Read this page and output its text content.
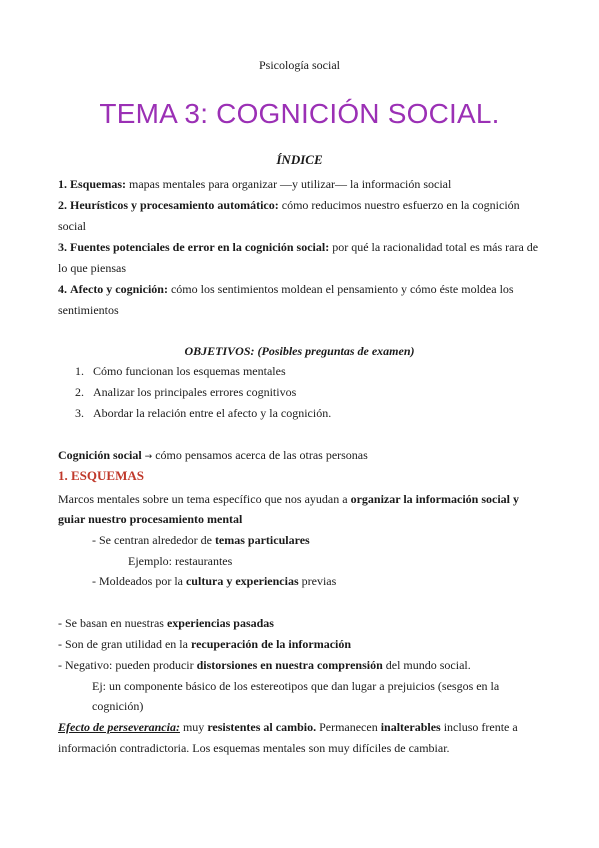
Psicología social
TEMA 3: COGNICIÓN SOCIAL.
ÍNDICE
1. Esquemas: mapas mentales para organizar —y utilizar— la información social
2. Heurísticos y procesamiento automático: cómo reducimos nuestro esfuerzo en la cognición
social
3. Fuentes potenciales de error en la cognición social: por qué la racionalidad total es más rara de
lo que piensas
4. Afecto y cognición: cómo los sentimientos moldean el pensamiento y cómo éste moldea los
sentimientos
OBJETIVOS: (Posibles preguntas de examen)
1. Cómo funcionan los esquemas mentales
2. Analizar los principales errores cognitivos
3. Abordar la relación entre el afecto y la cognición.
Cognición social → cómo pensamos acerca de las otras personas
1. ESQUEMAS
Marcos mentales sobre un tema específico que nos ayudan a organizar la información social y
guiar nuestro procesamiento mental
- Se centran alrededor de temas particulares
Ejemplo: restaurantes
- Moldeados por la cultura y experiencias previas
- Se basan en nuestras experiencias pasadas
- Son de gran utilidad en la recuperación de la información
- Negativo: pueden producir distorsiones en nuestra comprensión del mundo social.
Ej: un componente básico de los estereotipos que dan lugar a prejuicios (sesgos en la
cognición)
Efecto de perseverancia: muy resistentes al cambio. Permanecen inalterables incluso frente a
información contradictoria. Los esquemas mentales son muy difíciles de cambiar.
